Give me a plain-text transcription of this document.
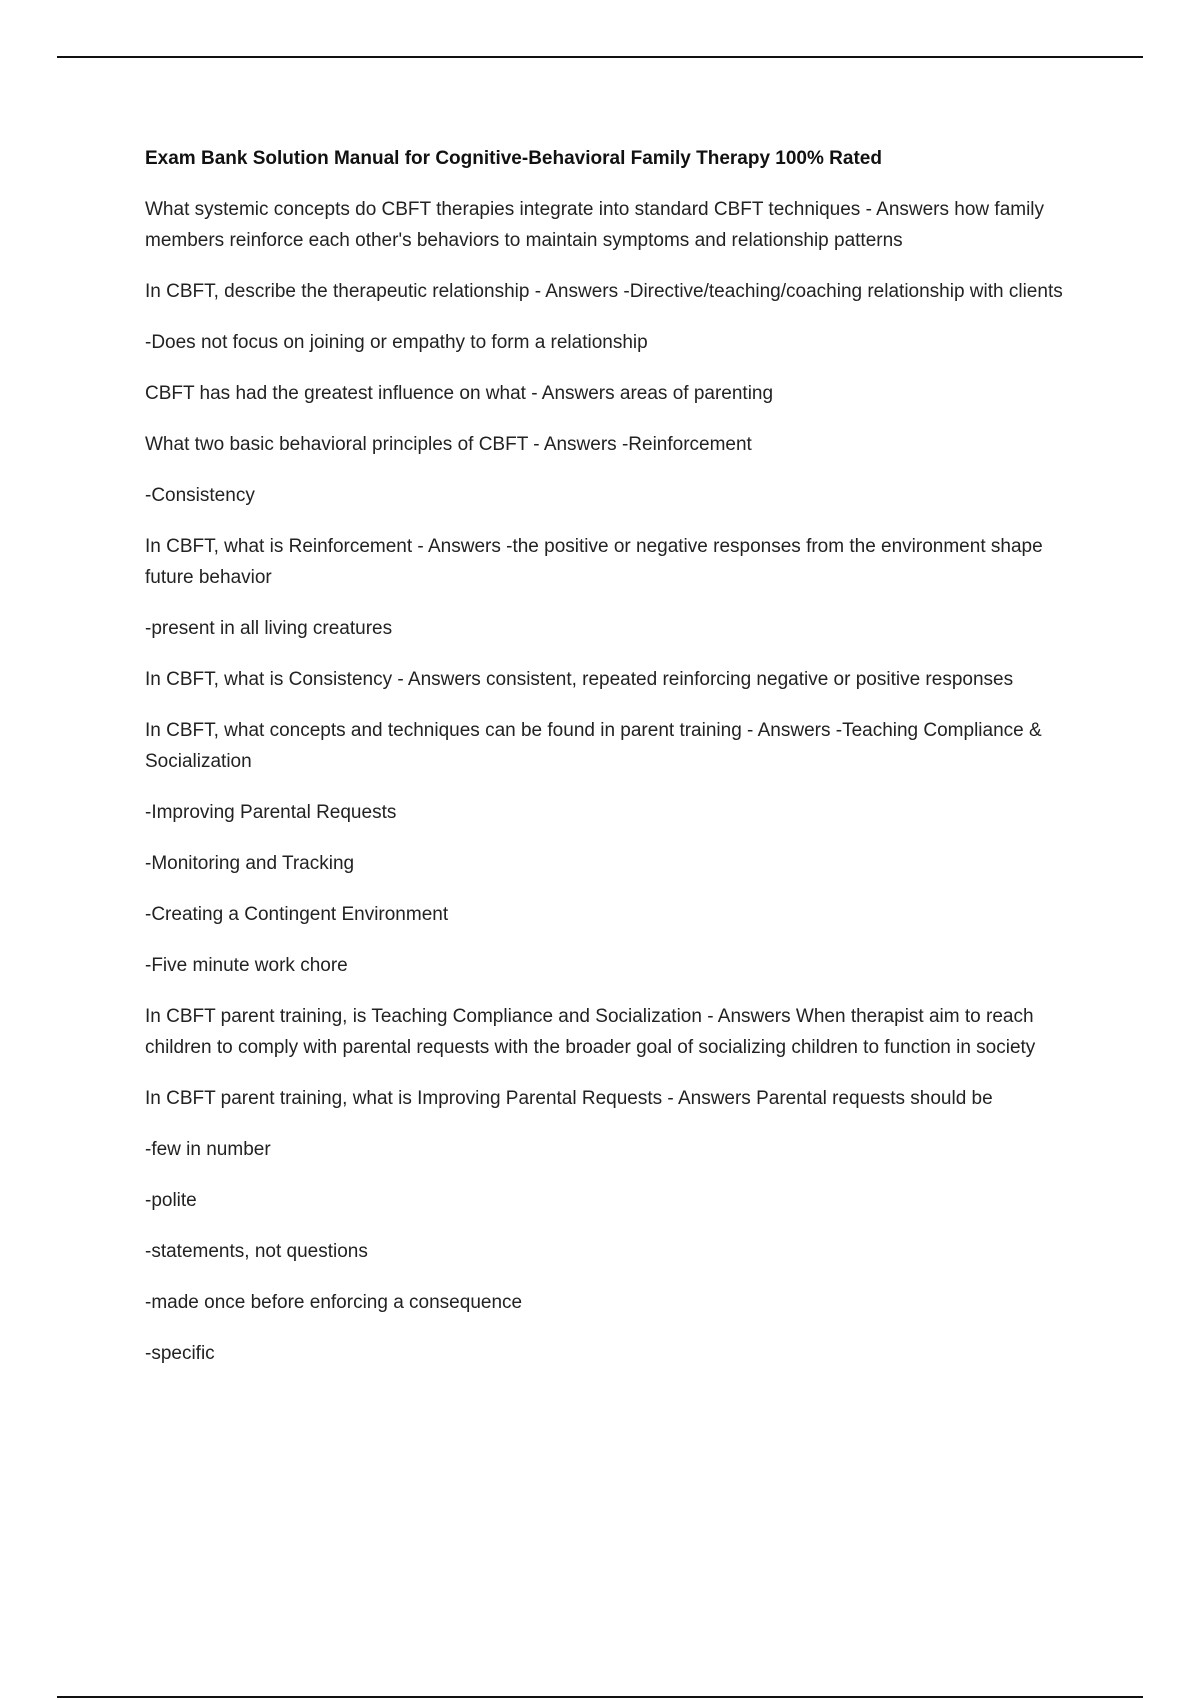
Exam Bank Solution Manual for Cognitive-Behavioral Family Therapy 100% Rated

What systemic concepts do CBFT therapies integrate into standard CBFT techniques - Answers how family members reinforce each other's behaviors to maintain symptoms and relationship patterns

In CBFT, describe the therapeutic relationship - Answers -Directive/teaching/coaching relationship with clients

-Does not focus on joining or empathy to form a relationship

CBFT has had the greatest influence on what - Answers areas of parenting

What two basic behavioral principles of CBFT - Answers -Reinforcement

-Consistency

In CBFT, what is Reinforcement - Answers -the positive or negative responses from the environment shape future behavior

-present in all living creatures

In CBFT, what is Consistency - Answers consistent, repeated reinforcing negative or positive responses

In CBFT, what concepts and techniques can be found in parent training - Answers -Teaching Compliance & Socialization

-Improving Parental Requests

-Monitoring and Tracking

-Creating a Contingent Environment

-Five minute work chore

In CBFT parent training, is Teaching Compliance and Socialization - Answers When therapist aim to reach children to comply with parental requests with the broader goal of socializing children to function in society

In CBFT parent training, what is Improving Parental Requests - Answers Parental requests should be

-few in number

-polite

-statements, not questions

-made once before enforcing a consequence

-specific
